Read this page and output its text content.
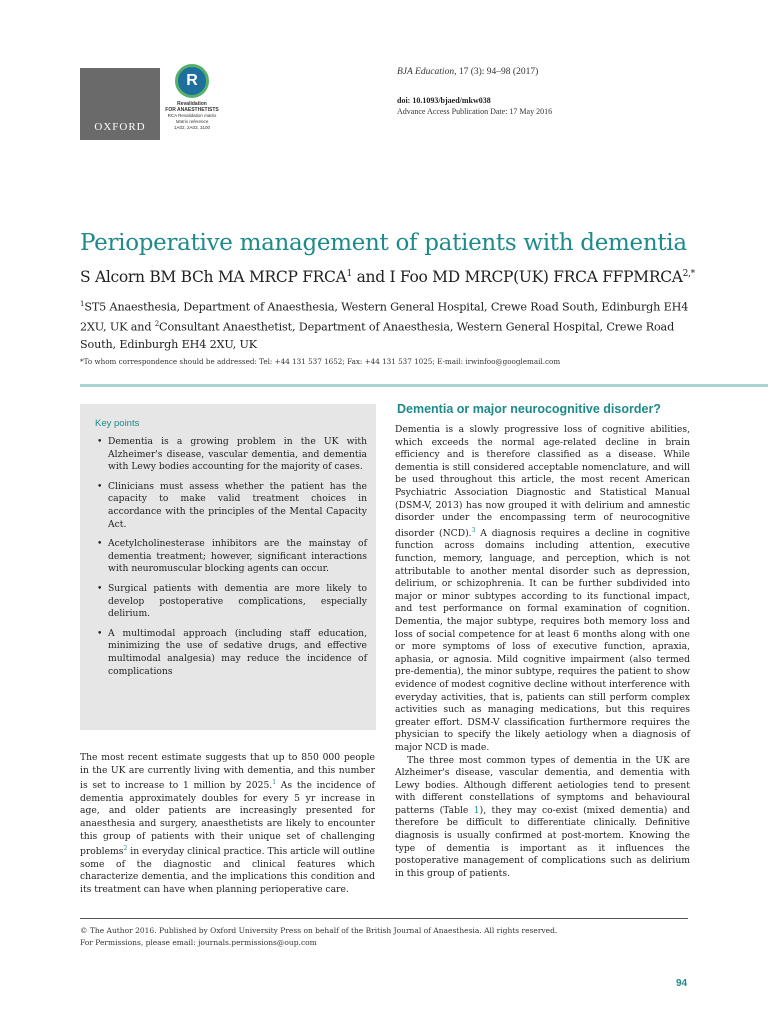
OXFORD
R
Revalidation
FOR ANAESTHETISTS
RCA Revalidation matrix
Matrix reference
1A02, 2A03, 3100
BJA Education, 17 (3): 94–98 (2017)
doi: 10.1093/bjaed/mkw038
Advance Access Publication Date: 17 May 2016
Perioperative management of patients with dementia
S Alcorn BM BCh MA MRCP FRCA$^1$ and I Foo MD MRCP(UK) FRCA $FFPMRCA^{2,*}$
$^1$ST5 Anaesthesia, Department of Anaesthesia, Western General Hospital, Crewe Road South, Edinburgh EH4 2XU, UK and $^2$Consultant Anaesthetist, Department of Anaesthesia, Western General Hospital, Crewe Road South, Edinburgh EH4 2XU, UK
*To whom correspondence should be addressed: Tel: +44 131 537 1652; Fax: +44 131 537 1025; E-mail: irwinfoo@googlemail.com
Key points
• Dementia is a growing problem in the UK with Alzheimer's disease, vascular dementia, and dementia with Lewy bodies accounting for the majority of cases.
• Clinicians must assess whether the patient has the capacity to make valid treatment choices in accordance with the principles of the Mental Capacity Act.
• Acetylcholinesterase inhibitors are the mainstay of dementia treatment; however, significant interactions with neuromuscular blocking agents can occur.
• Surgical patients with dementia are more likely to develop postoperative complications, especially delirium.
• A multimodal approach (including staff education, minimizing the use of sedative drugs, and effective multimodal analgesia) may reduce the incidence of complications
The most recent estimate suggests that up to 850 000 people in the UK are currently living with dementia, and this number is set to increase to 1 million by 2025.$^1$ As the incidence of dementia approximately doubles for every 5 yr increase in age, and older patients are increasingly presented for anaesthesia and surgery, anaesthetists are likely to encounter this group of patients with their unique set of challenging problems$^2$ in everyday clinical practice. This article will outline some of the diagnostic and clinical features which characterize dementia, and the implications this condition and its treatment can have when planning perioperative care.
Dementia or major neurocognitive disorder?

Dementia is a slowly progressive loss of cognitive abilities, which exceeds the normal age-related decline in brain efficiency and is therefore classified as a disease. While dementia is still considered acceptable nomenclature, and will be used throughout this article, the most recent American Psychiatric Association Diagnostic and Statistical Manual (DSM-V, 2013) has now grouped it with delirium and amnestic disorder under the encompassing term of neurocognitive disorder (NCD).$^3$ A diagnosis requires a decline in cognitive function across domains including attention, executive function, memory, language, and perception, which is not attributable to another mental disorder such as depression, delirium, or schizophrenia. It can be further subdivided into major or minor subtypes according to its functional impact, and test performance on formal examination of cognition. Dementia, the major subtype, requires both memory loss and loss of social competence for at least 6 months along with one or more symptoms of loss of executive function, apraxia, aphasia, or agnosia. Mild cognitive impairment (also termed pre-dementia), the minor subtype, requires the patient to show evidence of modest cognitive decline without interference with everyday activities, that is, patients can still perform complex activities such as managing medications, but this requires greater effort. DSM-V classification furthermore requires the physician to specify the likely aetiology when a diagnosis of major NCD is made.

The three most common types of dementia in the UK are Alzheimer's disease, vascular dementia, and dementia with Lewy bodies. Although different aetiologies tend to present with different constellations of symptoms and behavioural patterns (Table 1), they may co-exist (mixed dementia) and therefore be difficult to differentiate clinically. Definitive diagnosis is usually confirmed at post-mortem. Knowing the type of dementia is important as it influences the postoperative management of complications such as delirium in this group of patients.

© The Author 2016. Published by Oxford University Press on behalf of the British Journal of Anaesthesia. All rights reserved.
For Permissions, please email: journals.permissions@oup.com
94
